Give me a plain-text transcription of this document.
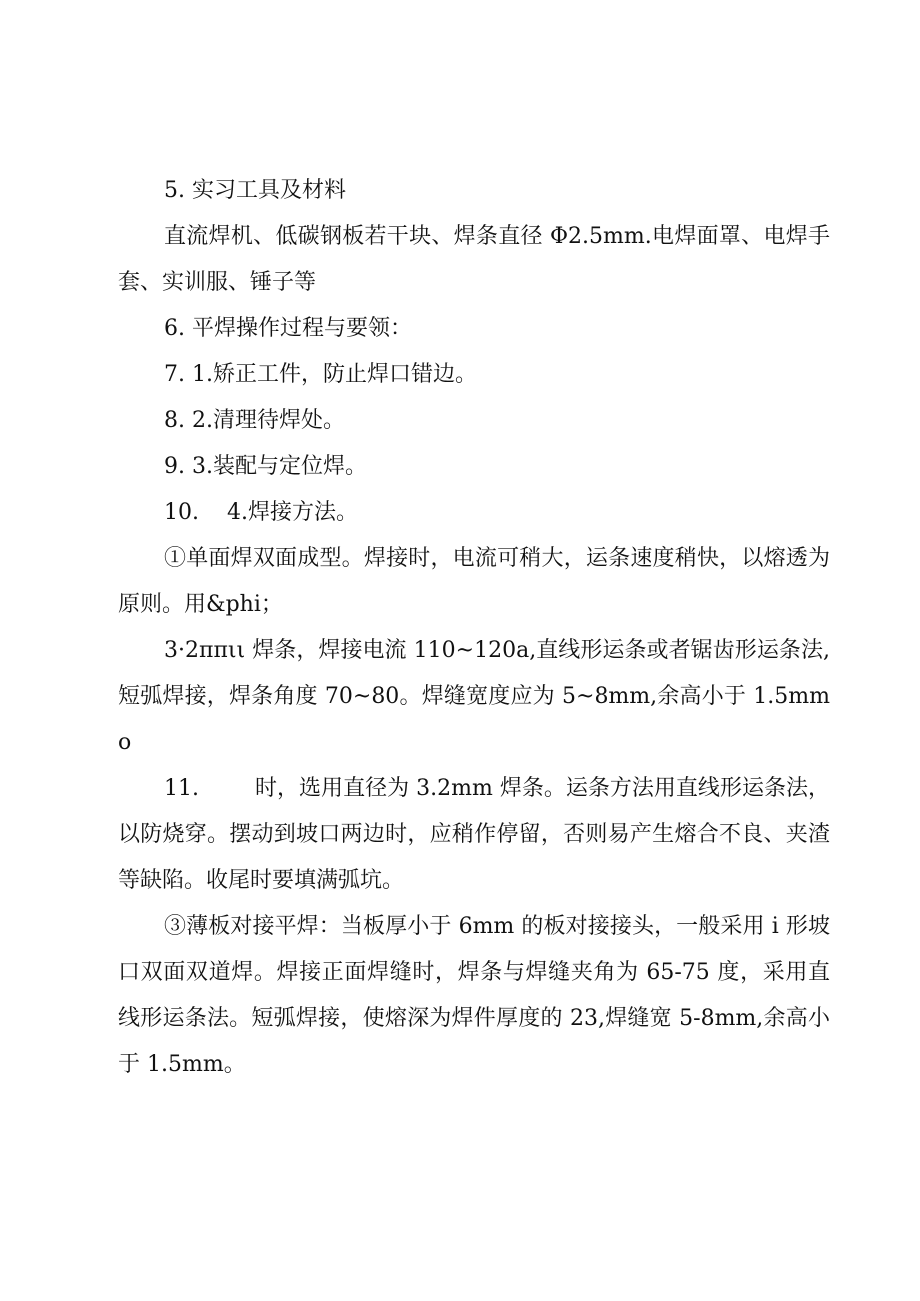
5. 实习工具及材料

直流焊机、低碳钢板若干块、焊条直径 Φ2.5mm.电焊面罩、电焊手套、实训服、锤子等

6. 平焊操作过程与要领：

7. 1.矫正工件，防止焊口错边。

8. 2.清理待焊处。

9. 3.装配与定位焊。

10.    4.焊接方法。

①单面焊双面成型。焊接时，电流可稍大，运条速度稍快，以熔透为原则。用&phi；

3·2ππιι 焊条，焊接电流 110~120a,直线形运条或者锯齿形运条法,短弧焊接，焊条角度 70~80。焊缝宽度应为 5~8mm,余高小于 1.5mmo

11.        时，选用直径为 3.2mm 焊条。运条方法用直线形运条法，以防烧穿。摆动到坡口两边时，应稍作停留，否则易产生熔合不良、夹渣等缺陷。收尾时要填满弧坑。

③薄板对接平焊：当板厚小于 6mm 的板对接接头，一般采用 i 形坡口双面双道焊。焊接正面焊缝时，焊条与焊缝夹角为 65-75 度，采用直线形运条法。短弧焊接，使熔深为焊件厚度的 23,焊缝宽 5-8mm,余高小于 1.5mm。
